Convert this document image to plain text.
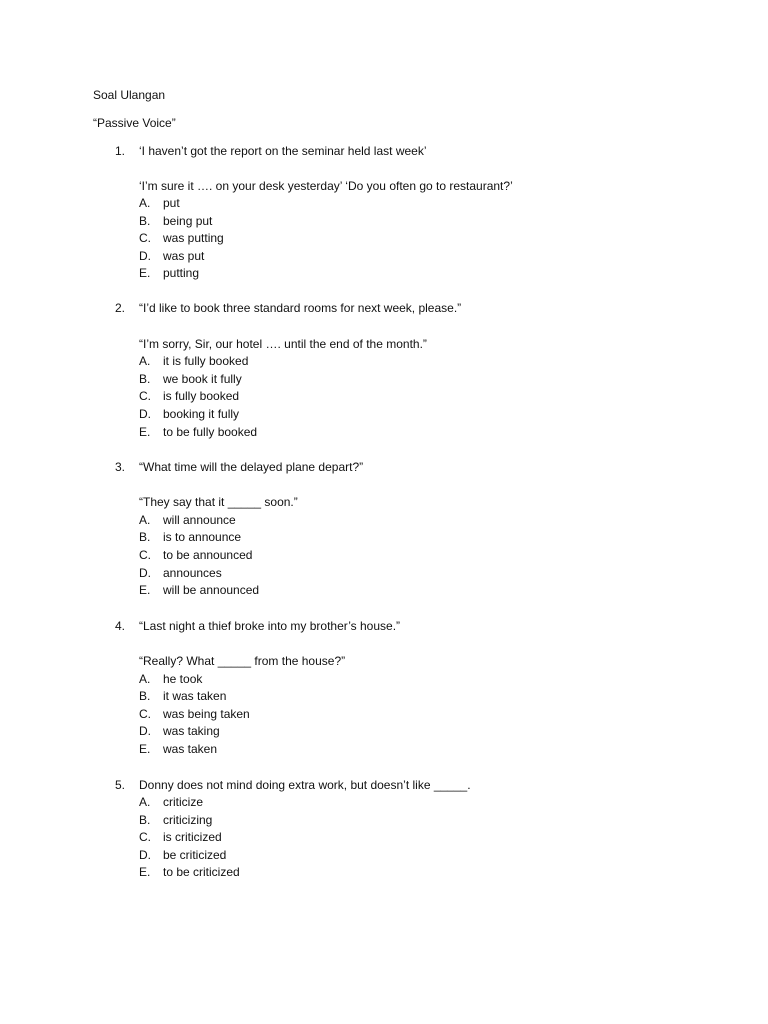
Soal Ulangan
“Passive Voice”
1. ‘I haven’t got the report on the seminar held last week’
‘I’m sure it …. on your desk yesterday’ ‘Do you often go to restaurant?’
A. put
B. being put
C. was putting
D. was put
E. putting
2. “I’d like to book three standard rooms for next week, please.”
“I’m sorry, Sir, our hotel …. until the end of the month.”
A. it is fully booked
B. we book it fully
C. is fully booked
D. booking it fully
E. to be fully booked
3. “What time will the delayed plane depart?”
“They say that it _____ soon.”
A. will announce
B. is to announce
C. to be announced
D. announces
E. will be announced
4. “Last night a thief broke into my brother’s house.”
“Really? What _____ from the house?”
A. he took
B. it was taken
C. was being taken
D. was taking
E. was taken
5. Donny does not mind doing extra work, but doesn’t like _____.
A. criticize
B. criticizing
C. is criticized
D. be criticized
E. to be criticized
